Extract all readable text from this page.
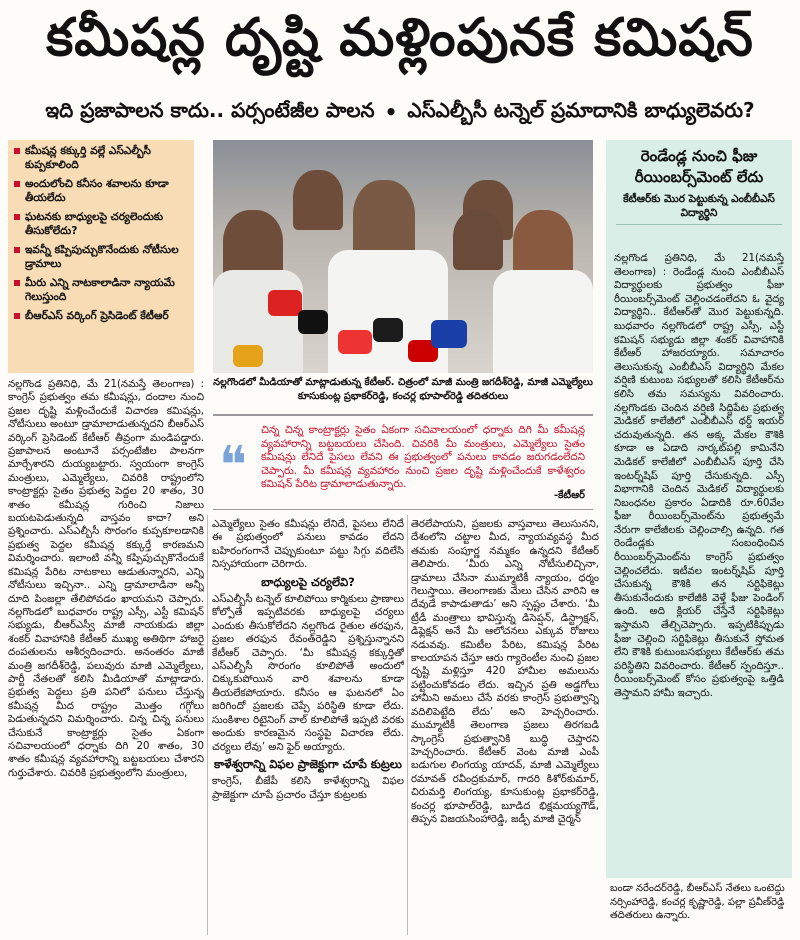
కమీషన్ల దృష్టి మళ్లింపునకే కమిషన్
ఇది ప్రజాపాలన కాదు.. పర్సంటేజీల పాలన • ఎస్ఎల్బీసీ టన్నెల్ ప్రమాదానికి బాధ్యులెవరు?
కమీషన్ల కక్కుర్తి వల్లే ఎస్ఎల్బీసీ కుప్పకూలింది
అందులోంచి కనీసం శవాలను కూడా తీయలేదు
ఘటనకు బాధ్యులపై చర్యలెందుకు తీసుకోలేదు?
ఇవన్నీ కప్పిపుచ్చుకొనేందుకు నోటీసుల డ్రామాలు
మీరు ఎన్ని నాటకాలాడినా న్యాయమే గెలుస్తుంది
బీఆర్ఎస్ వర్కింగ్ ప్రెసిడెంట్ కేటీఆర్
నల్లగొండలో మీడియాతో మాట్లాడుతున్న కేటీఆర్. చిత్రంలో మాజీ మంత్రి జగదీశ్‌రెడ్డి, మాజీ ఎమ్మెల్యేలు కూసుకుంట్ల ప్రభాకర్‌రెడ్డి, కంచర్ల భూపాల్‌రెడ్డి తదితరులు
❝
చిన్న చిన్న కాంట్రాక్టర్లు సైతం ఏకంగా సచివాలయంలో ధర్నాకు దిగి మీ కమీషన్ల వ్యవహారాన్ని బట్టబయలు చేసింది. చివరికి మీ మంత్రులు, ఎమ్మెల్యేలు సైతం కమీషన్లు లేనిదే పైసలు లేవని ఈ ప్రభుత్వంలో పనులు కావడం జరుగడంలేదని చెప్పారు. మీ కమీషన్ల వ్యవహారం నుంచి ప్రజల దృష్టి మళ్లించేందుకే కాళేశ్వరం కమిషన్ పేరిట డ్రామాలాడుతున్నారు.
-కేటీఆర్

నల్లగొండ ప్రతినిధి, మే 21(నమస్తే తెలంగాణ) : కాంగ్రెస్ ప్రభుత్వం తమ కమీషన్లు, దందాల నుంచి ప్రజల దృష్టి మళ్లించేందుకే విచారణ కమిషన్లు, నోటీసులు అంటూ డ్రామాలాడుతున్నదని బీఆర్ఎస్ వర్కింగ్ ప్రెసిడెంట్ కేటీఆర్ తీవ్రంగా మండిపడ్డారు. ప్రజాపాలన అంటూనే పర్సంటేజీల పాలనగా మార్చేశారని దుయ్యబట్టారు. స్వయంగా కాంగ్రెస్ మంత్రులు, ఎమ్మెల్యేలు, చివరికి రాష్ట్రంలోని కాంట్రాక్టర్లు సైతం ప్రభుత్వ పెద్దల 20 శాతం, 30 శాతం కమీషన్ల గురించి నిజాలు బయటపెడుతున్నది వాస్తవం కాదా? అని ప్రశ్నించారు. ఎస్ఎల్బీసీ సొరంగం కుప్పకూలడానికి ప్రభుత్వ పెద్దల కమీషన్ల కక్కుర్తే కారణమని విమర్శించారు. ఇలాంటి వన్నీ కప్పిపుచ్చుకొనేందుకే కమిషన్ల పేరిట నాటకాలు ఆడుతున్నారని, ఎన్ని నోటీసులు ఇచ్చినా.. ఎన్ని డ్రామాలాడినా అన్నీ దూది పింజల్లా తేలిపోవడం ఖాయమని చెప్పారు. నల్లగొండలో బుధవారం రాష్ట్ర ఎస్సీ, ఎస్టీ కమిషన్ సభ్యుడు, బీఆర్ఎస్వీ మాజీ నాయకుడు జిల్లా శంకర్ వివాహానికి కేటీఆర్ ముఖ్య అతిథిగా హాజరై దంపతులను ఆశీర్వదించారు. అనంతరం మాజీ మంత్రి జగదీశ్‌రెడ్డి, పలువురు మాజీ ఎమ్మెల్యేలు, పార్టీ నేతలతో కలిసి మీడియాతో మాట్లాడారు. ప్రభుత్వ పెద్దలు ప్రతి పనిలో పనులు చేస్తున్న కమీషన్ల మీద రాష్ట్రం మొత్తం గగ్గోలు పెడుతున్నదని విమర్శించారు. చిన్న చిన్న పనులు చేసుకునే కాంట్రాక్టర్లు సైతం ఏకంగా సచివాలయంలో ధర్నాకు దిగి 20 శాతం, 30 శాతం కమీషన్ల వ్యవహారాన్ని బట్టబయలు చేశారని గుర్తుచేశారు. చివరికి ప్రభుత్వంలోని మంత్రులు,

ఎమ్మెల్యేలు సైతం కమీషన్లు లేనిదే, పైసలు లేనిదే ఈ ప్రభుత్వంలో పనులు కావడం లేదని బహిరంగంగానే చెప్పుకుంటూ పట్టు సిగ్గు వదిలేసి నిస్సహాయంగా చెరిగారు.

బాధ్యులపై చర్యలేవి?

ఎస్ఎల్బీసీ టన్నెల్ కూలిపోయి కార్మికులు ప్రాణాలు కోల్పోతే ఇప్పటివరకు బాధ్యులపై చర్యలు ఎందుకు తీసుకోలేదని నల్లగొండ రైతుల తరఫున, ప్రజల తరఫున రేవంత్‌రెడ్డిని ప్రశ్నిస్తున్నానని కేటీఆర్ చెప్పారు. ‘మీ కమీషన్ల కక్కుర్తితో ఎస్ఎల్బీసీ సొరంగం కూలిపోతే అందులో చిక్కుకుపోయిన వారి శవాలను కూడా తీయలేకపోయారు. కనీసం ఆ ఘటనలో ఏం జరిగిందో ప్రజలకు చెప్పే పరిస్థితి కూడా లేదు. సుంకిశాల రిటైనింగ్ వాల్ కూలిపోతే ఇప్పటి వరకు అందుకు కారణమైన సంస్థపై విచారణ లేదు. చర్యలు లేవు’ అని ఫైర్ అయ్యారు.

కాళేశ్వరాన్ని విఫల ప్రాజెక్టుగా చూపే కుట్రలు

కాంగ్రెస్, బీజేపీ కలిసి కాళేశ్వరాన్ని విఫల ప్రాజెక్టుగా చూపే ప్రచారం చేస్తూ కుట్రలకు

తెరలేపాయని, ప్రజలకు వాస్తవాలు తెలుసునని, దేశంలోని చట్టాల మీద, న్యాయవ్యవస్థ మీద తమకు సంపూర్ణ నమ్మకం ఉన్నదని కేటీఆర్ తెలిపారు. ‘మీరు ఎన్ని నోటీసులిచ్చినా, డ్రామాలు చేసినా ముమ్మాటికీ న్యాయం, ధర్మం గెలుస్తాయి. తెలంగాణకు మేలు చేసిన వారిని ఆ దేవుడే కాపాడుతాడు’ అని స్పష్టం చేశారు. ‘మీ ట్రీడీ మంత్రాలు భావిస్తున్న డిసెప్షన్, డిస్ట్రాక్షన్, డిఫ్లెక్షన్ అనే మీ ఆలోచనలు ఎక్కువ రోజులు నడువవు. కమిటీల పేరిట, కమిషన్ల పేరిట కాలయాపన చేస్తూ ఆరు గ్యారెంటీల నుంచి ప్రజల దృష్టి మళ్లిస్తూ 420 హామీల అమలును పట్టించుకోవడం లేదు. ఇచ్చిన ప్రతి అడ్డగోలు హామీని అమలు చేసే వరకు కాంగ్రెస్ ప్రభుత్వాన్ని వదిలిపెట్టేది లేదు’ అని హెచ్చరించారు. ముమ్మాటికీ తెలంగాణ ప్రజలు తిరగబడి స్కాంగ్రెస్ ప్రభుత్వానికి బుద్ధి చెప్తారని హెచ్చరించారు. కేటీఆర్ వెంట మాజీ ఎంపీ బడుగుల లింగయ్య యాదవ్, మాజీ ఎమ్మెల్యేలు రమావత్ రవీంద్రకుమార్, గాదరి కిశోర్‌కుమార్, చిరుమర్తి లింగయ్య, కూసుకుంట్ల ప్రభాకర్‌రెడ్డి, కంచర్ల భూపాల్‌రెడ్డి, బూడిద భిక్షమయ్యగౌడ్, తిప్పన విజయసింహారెడ్డి, జడ్పీ మాజీ చైర్మన్

రెండేండ్ల నుంచి ఫీజు రీయింబర్స్‌మెంట్ లేదు
కేటీఆర్‌కు మొర పెట్టుకున్న ఎంబీబీఎస్ విద్యార్థిని
నల్లగొండ ప్రతినిధి, మే 21(నమస్తే తెలంగాణ) : రెండేండ్ల నుంచి ఎంబీబీఎస్ విద్యార్థులకు ప్రభుత్వం ఫీజు రీయింబర్స్‌మెంట్ చెల్లించడంలేదని ఓ వైద్య విద్యార్థిని.. కేటీఆర్‌తో మొర పెట్టుకున్నది. బుధవారం నల్లగొండలో రాష్ట్ర ఎస్సీ, ఎస్టీ కమిషన్ సభ్యుడు జిల్లా శంకర్ వివాహానికి కేటీఆర్ హాజరయ్యారు. సమాచారం తెలుసుకున్న ఎంబీబీఎస్ విద్యార్థిని మేకల వర్షిణి కుటుంబ సభ్యులతో కలిసి కేటీఆర్‌ను కలిసి తమ సమస్యను వివరించారు. నల్లగొండకు చెందిన వర్షిణి సిద్దిపేట ప్రభుత్వ మెడికల్ కాలేజీలో ఎంబీబీఎస్ థర్డ్ ఇయర్ చదువుతున్నది. తన అక్క మేకల కౌశికి కూడా ఆ ఏడాది నార్కట్‌పల్లి కామినేని మెడికల్ కాలేజీలో ఎంబీబీఎస్ పూర్తి చేసి ఇంటర్న్‌షిప్ పూర్తి చేసుకున్నది. ఎస్సీ విభాగానికి చెందిన మెడికల్ విద్యార్థులకు నిబంధనల ప్రకారం ఏడాదికి రూ.60వేల ఫీజు రీయింబర్స్‌మెంట్‌ను ప్రభుత్వమే నేరుగా కాలేజీలకు చెల్లించాల్సి ఉన్నది. గత రెండేండ్లకు సంబంధించిన రీయింబర్స్‌మెంట్‌ను కాంగ్రెస్ ప్రభుత్వం చెల్లించలేదు. ఇటీవల ఇంటర్న్‌షిప్ పూర్తి చేసుకున్న కౌశికి తన సర్టిఫికెట్లు తీసుకునేందుకు కాలేజీకి వెళ్తే ఫీజు పెండింగ్ ఉంది. అది క్లియర్ చేస్తేనే సర్టిఫికెట్లు ఇస్తామని తేల్చిచెప్పారు. ఇప్పటికిప్పుడు ఫీజు చెల్లించి సర్టిఫికెట్లు తీసుకునే స్తోమత లేని కౌశికి కుటుంబసభ్యులు కేటీఆర్‌కు తమ పరిస్థితిని వివరించారు. కేటీఆర్ స్పందిస్తూ.. రీయింబర్స్‌మెంట్ కోసం ప్రభుత్వంపై ఒత్తిడి తెస్తామని హామీ ఇచ్చారు.
బండా నరేందర్‌రెడ్డి, బీఆర్ఎస్ నేతలు ఒంటెద్దు నర్సింహారెడ్డి, కంచర్ల కృష్ణారెడ్డి, పల్లా ప్రవీణ్‌రెడ్డి తదితరులు ఉన్నారు.
